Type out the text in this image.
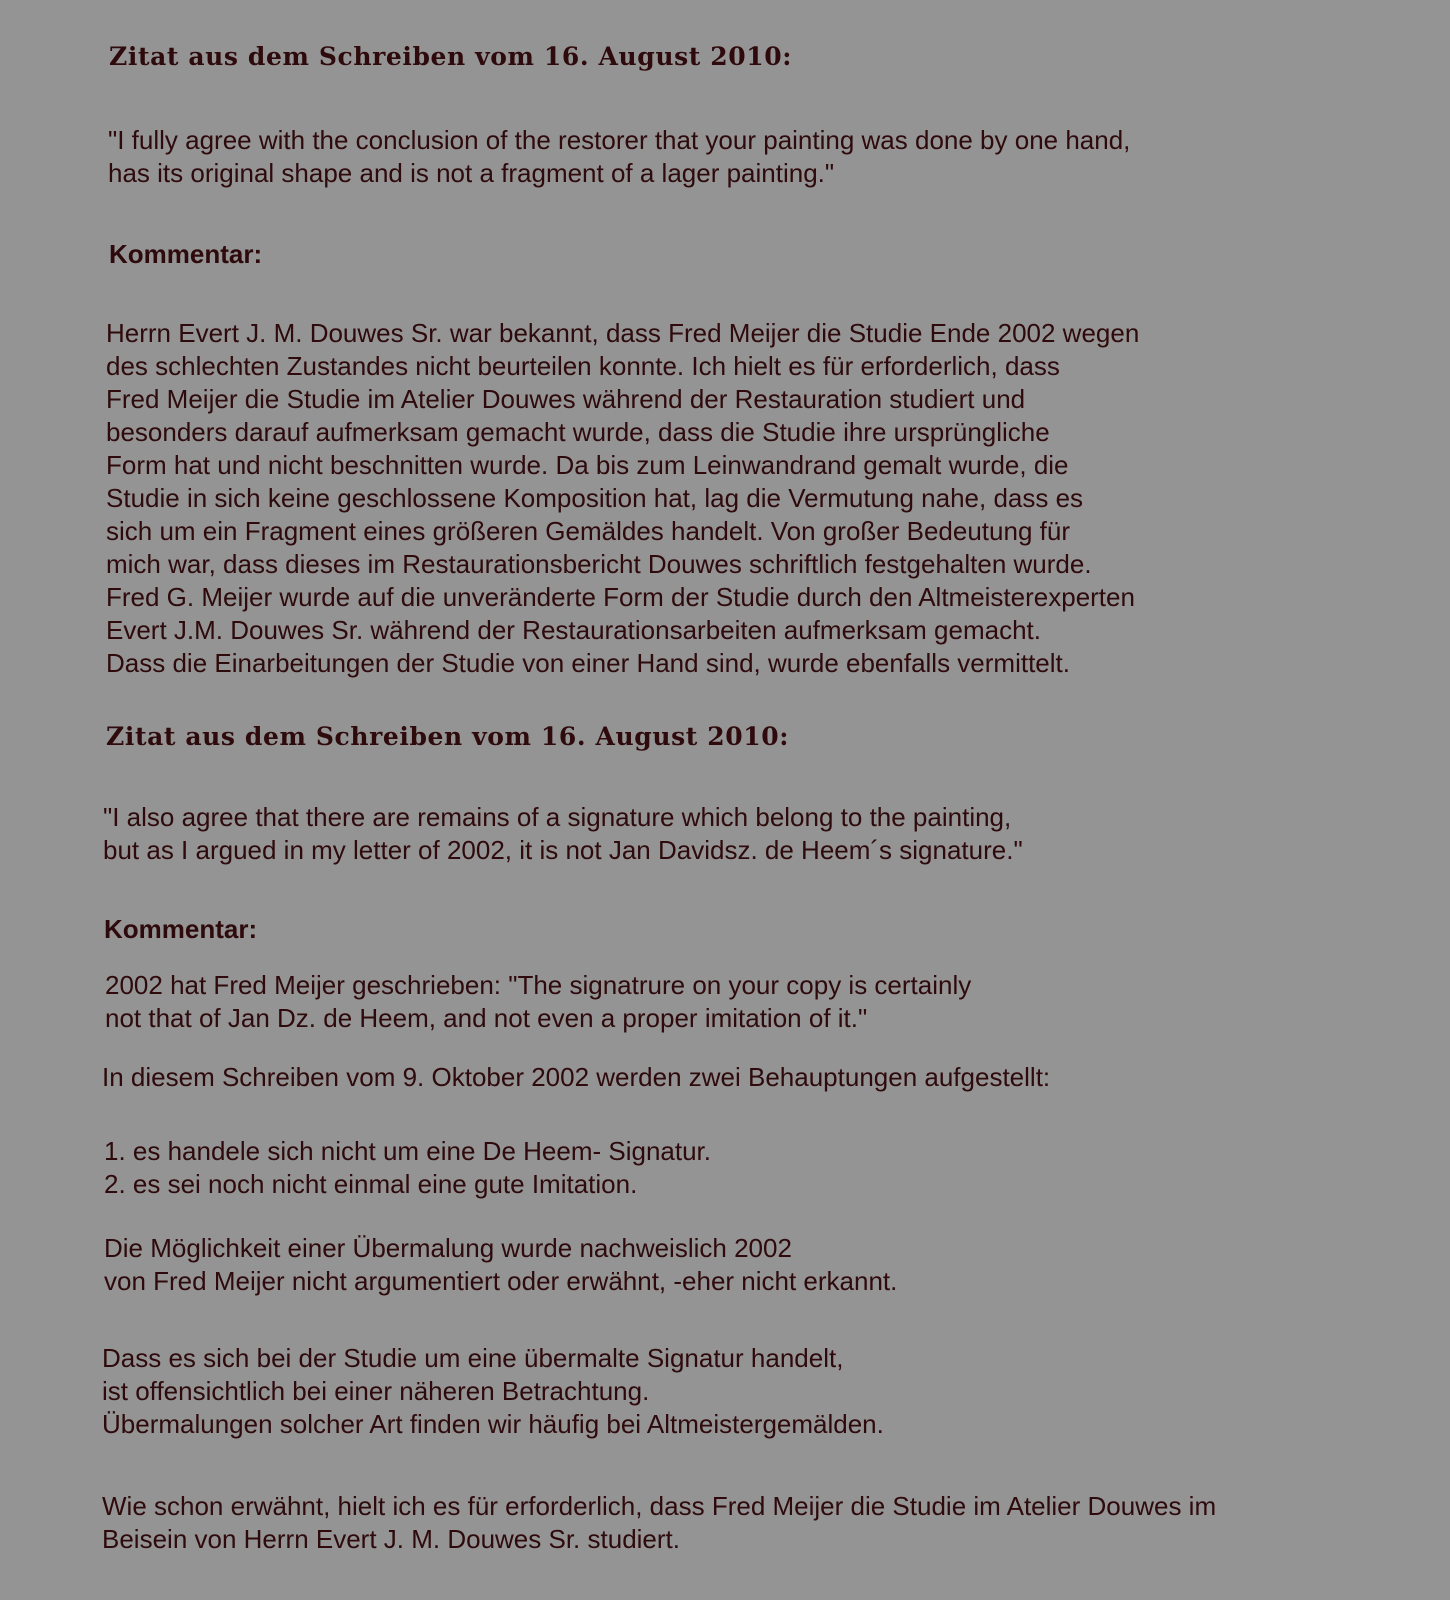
Zitat aus dem Schreiben vom 16. August 2010:

"I fully agree with the conclusion of the restorer that your painting was done by one hand,
has its original shape and is not a fragment of a lager painting."

Kommentar:

Herrn Evert J. M. Douwes Sr. war bekannt, dass Fred Meijer die Studie Ende 2002 wegen
des schlechten Zustandes nicht beurteilen konnte. Ich hielt es für erforderlich, dass
Fred Meijer die Studie im Atelier Douwes während der Restauration studiert und
besonders darauf aufmerksam gemacht wurde, dass die Studie ihre ursprüngliche
Form hat und nicht beschnitten wurde. Da bis zum Leinwandrand gemalt wurde, die
Studie in sich keine geschlossene Komposition hat, lag die Vermutung nahe, dass es
sich um ein Fragment eines größeren Gemäldes handelt. Von großer Bedeutung für
mich war, dass dieses im Restaurationsbericht Douwes schriftlich festgehalten wurde.
Fred G. Meijer wurde auf die unveränderte Form der Studie durch den Altmeisterexperten
Evert J.M. Douwes Sr. während der Restaurationsarbeiten aufmerksam gemacht.
Dass die Einarbeitungen der Studie von einer Hand sind, wurde ebenfalls vermittelt.

Zitat aus dem Schreiben vom 16. August 2010:

"I also agree that there are remains of a signature which belong to the painting,
but as I argued in my letter of 2002, it is not Jan Davidsz. de Heem´s signature."

Kommentar:

2002 hat Fred Meijer geschrieben: "The signatrure on your copy is certainly
not that of Jan Dz. de Heem, and not even a proper imitation of it."

In diesem Schreiben vom 9. Oktober 2002 werden zwei Behauptungen aufgestellt:

1. es handele sich nicht um eine De Heem- Signatur.
2. es sei noch nicht einmal eine gute Imitation.

Die Möglichkeit einer Übermalung wurde nachweislich 2002
von Fred Meijer nicht argumentiert oder erwähnt, -eher nicht erkannt.

Dass es sich bei der Studie um eine übermalte Signatur handelt,
ist offensichtlich bei einer näheren Betrachtung.
Übermalungen solcher Art finden wir häufig bei Altmeistergemälden.

Wie schon erwähnt, hielt ich es für erforderlich, dass Fred Meijer die Studie im Atelier Douwes im
Beisein von Herrn Evert J. M. Douwes Sr. studiert.
